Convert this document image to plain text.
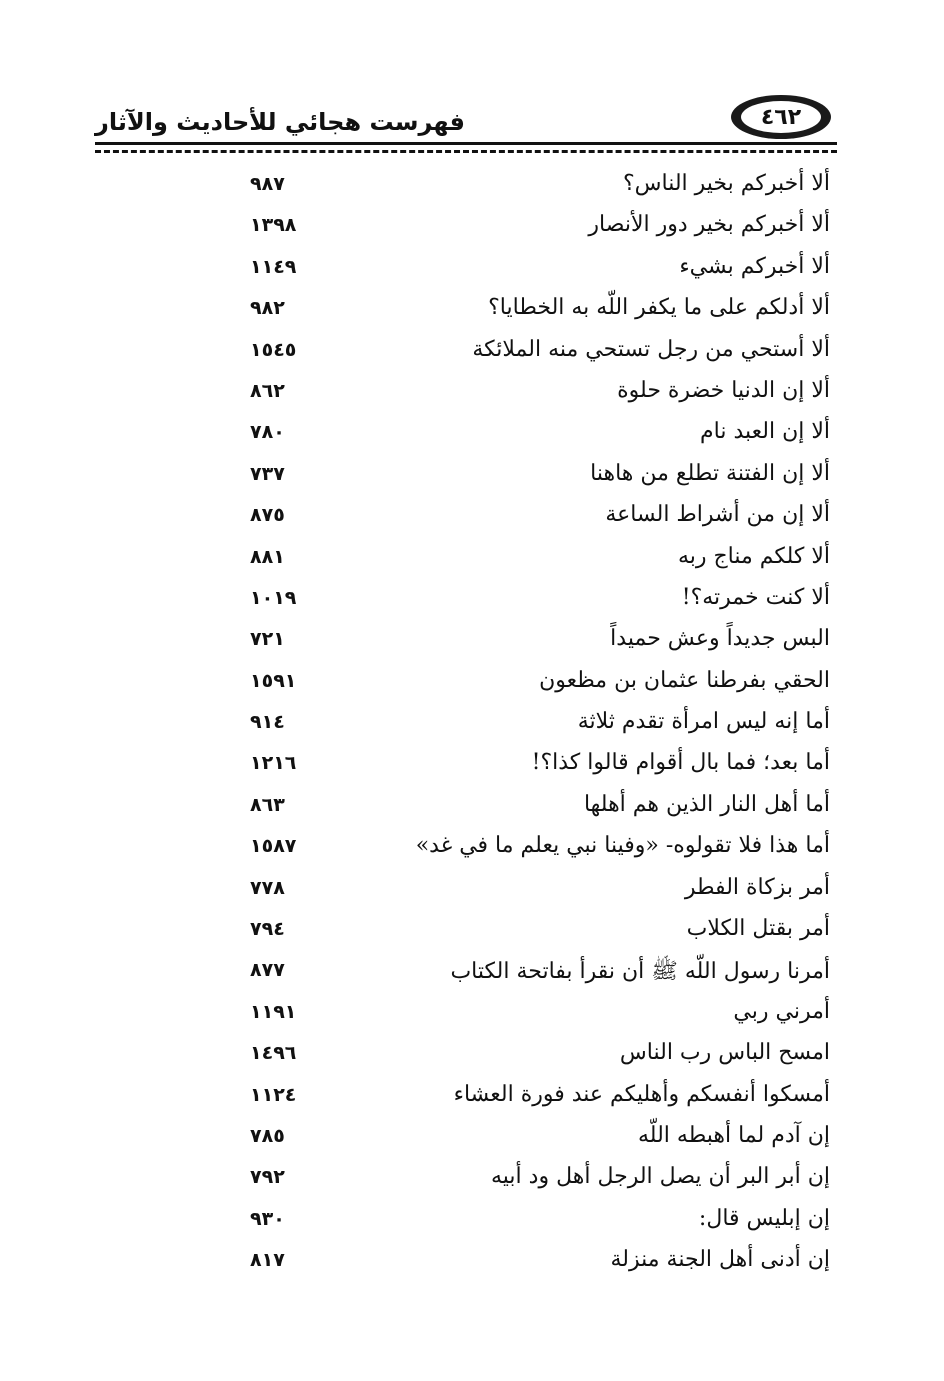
فهرست هجائي للأحاديث والآثار	٤٦٢
ألا أخبركم بخير الناس؟
٩٨٧
ألا أخبركم بخير دور الأنصار
١٣٩٨
ألا أخبركم بشيء
١١٤٩
ألا أدلكم على ما يكفر اللّه به الخطايا؟
٩٨٢
ألا أستحي من رجل تستحي منه الملائكة
١٥٤٥
ألا إن الدنيا خضرة حلوة
٨٦٢
ألا إن العبد نام
٧٨٠
ألا إن الفتنة تطلع من هاهنا
٧٣٧
ألا إن من أشراط الساعة
٨٧٥
ألا كلكم مناج ربه
٨٨١
ألا كنت خمرته؟!
١٠١٩
البس جديداً وعش حميداً
٧٢١
الحقي بفرطنا عثمان بن مظعون
١٥٩١
أما إنه ليس امرأة تقدم ثلاثة
٩١٤
أما بعد؛ فما بال أقوام قالوا كذا؟!
١٢١٦
أما أهل النار الذين هم أهلها
٨٦٣
أما هذا فلا تقولوه- «وفينا نبي يعلم ما في غد»
١٥٨٧
أمر بزكاة الفطر
٧٧٨
أمر بقتل الكلاب
٧٩٤
أمرنا رسول اللّه ﷺ أن نقرأ بفاتحة الكتاب
٨٧٧
أمرني ربي
١١٩١
امسح الباس رب الناس
١٤٩٦
أمسكوا أنفسكم وأهليكم عند فورة العشاء
١١٢٤
إن آدم لما أهبطه اللّه
٧٨٥
إن أبر البر أن يصل الرجل أهل ود أبيه
٧٩٢
إن إبليس قال:
٩٣٠
إن أدنى أهل الجنة منزلة
٨١٧
